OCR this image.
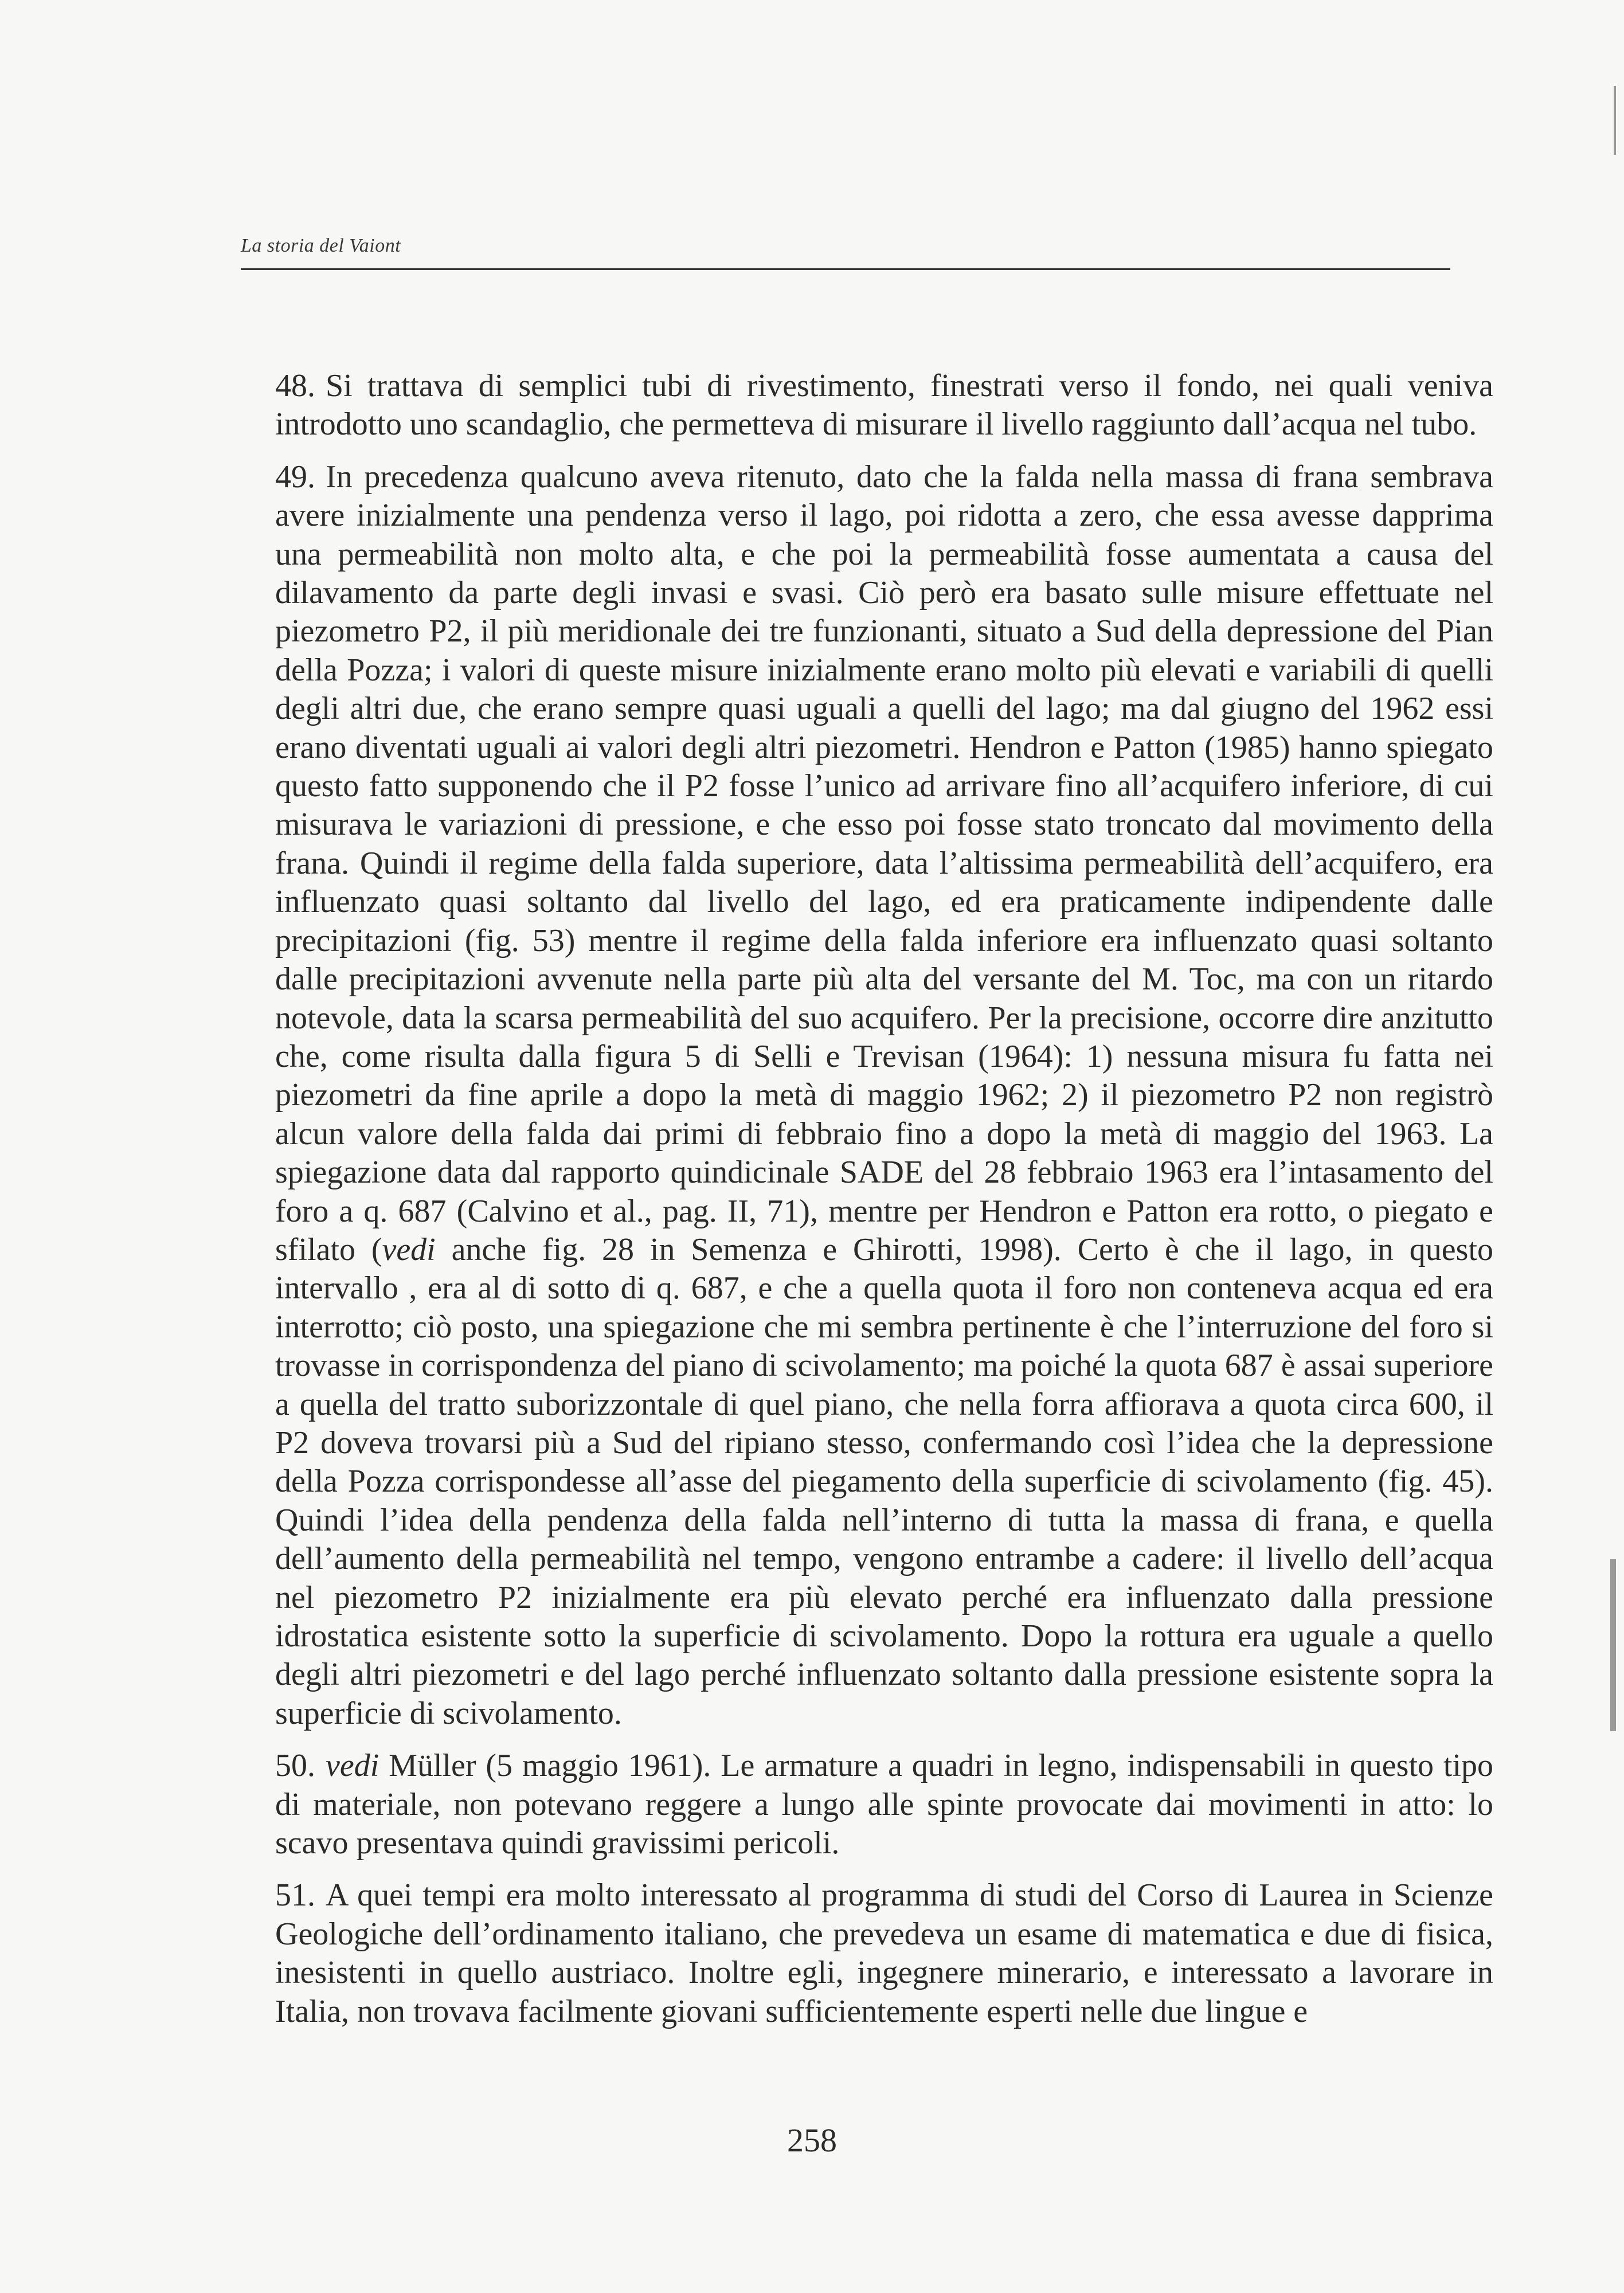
La storia del Vaiont

48. Si trattava di semplici tubi di rivestimento, finestrati verso il fondo, nei quali veniva introdotto uno scandaglio, che permetteva di misurare il livello raggiunto dall’acqua nel tubo.

49. In precedenza qualcuno aveva ritenuto, dato che la falda nella massa di frana sembrava avere inizialmente una pendenza verso il lago, poi ridotta a zero, che essa avesse dapprima una permeabilità non molto alta, e che poi la permeabilità fosse aumentata a causa del dilavamento da parte degli invasi e svasi. Ciò però era basato sulle misure effettuate nel piezometro P2, il più meridionale dei tre funzionanti, situato a Sud della depressione del Pian della Pozza; i valori di queste misure inizialmente erano molto più elevati e variabili di quelli degli altri due, che erano sempre quasi uguali a quelli del lago; ma dal giugno del 1962 essi erano diventati uguali ai valori degli altri piezometri. Hendron e Patton (1985) hanno spiegato questo fatto supponendo che il P2 fosse l’unico ad arrivare fino all’acquifero inferiore, di cui misurava le variazioni di pressione, e che esso poi fosse stato troncato dal movimento della frana. Quindi il regime della falda superiore, data l’altissima permeabilità dell’acquifero, era influenzato quasi soltanto dal livello del lago, ed era praticamente indipendente dalle precipitazioni (fig. 53) mentre il regime della falda inferiore era influenzato quasi soltanto dalle precipitazioni avvenute nella parte più alta del versante del M. Toc, ma con un ritardo notevole, data la scarsa permeabilità del suo acquifero. Per la precisione, occorre dire anzitutto che, come risulta dalla figura 5 di Selli e Trevisan (1964): 1) nessuna misura fu fatta nei piezometri da fine aprile a dopo la metà di maggio 1962; 2) il piezometro P2 non registrò alcun valore della falda dai primi di febbraio fino a dopo la metà di maggio del 1963. La spiegazione data dal rapporto quindicinale SADE del 28 febbraio 1963 era l’intasamento del foro a q. 687 (Calvino et al., pag. II, 71), mentre per Hendron e Patton era rotto, o piegato e sfilato (vedi anche fig. 28 in Semenza e Ghirotti, 1998). Certo è che il lago, in questo intervallo , era al di sotto di q. 687, e che a quella quota il foro non conteneva acqua ed era interrotto; ciò posto, una spiegazione che mi sembra pertinente è che l’interruzione del foro si trovasse in corrispondenza del piano di scivolamento; ma poiché la quota 687 è assai superiore a quella del tratto suborizzontale di quel piano, che nella forra affiorava a quota circa 600, il P2 doveva trovarsi più a Sud del ripiano stesso, confermando così l’idea che la depressione della Pozza corrispondesse all’asse del piegamento della superficie di scivolamento (fig. 45). Quindi l’idea della pendenza della falda nell’interno di tutta la massa di frana, e quella dell’aumento della permeabilità nel tempo, vengono entrambe a cadere: il livello dell’acqua nel piezometro P2 inizialmente era più elevato perché era influenzato dalla pressione idrostatica esistente sotto la superficie di scivolamento. Dopo la rottura era uguale a quello degli altri piezometri e del lago perché influenzato soltanto dalla pressione esistente sopra la superficie di scivolamento.

50. vedi Müller (5 maggio 1961). Le armature a quadri in legno, indispensabili in questo tipo di materiale, non potevano reggere a lungo alle spinte provocate dai movimenti in atto: lo scavo presentava quindi gravissimi pericoli.

51. A quei tempi era molto interessato al programma di studi del Corso di Laurea in Scienze Geologiche dell’ordinamento italiano, che prevedeva un esame di matematica e due di fisica, inesistenti in quello austriaco. Inoltre egli, ingegnere minerario, e interessato a lavorare in Italia, non trovava facilmente giovani sufficientemente esperti nelle due lingue e

258
